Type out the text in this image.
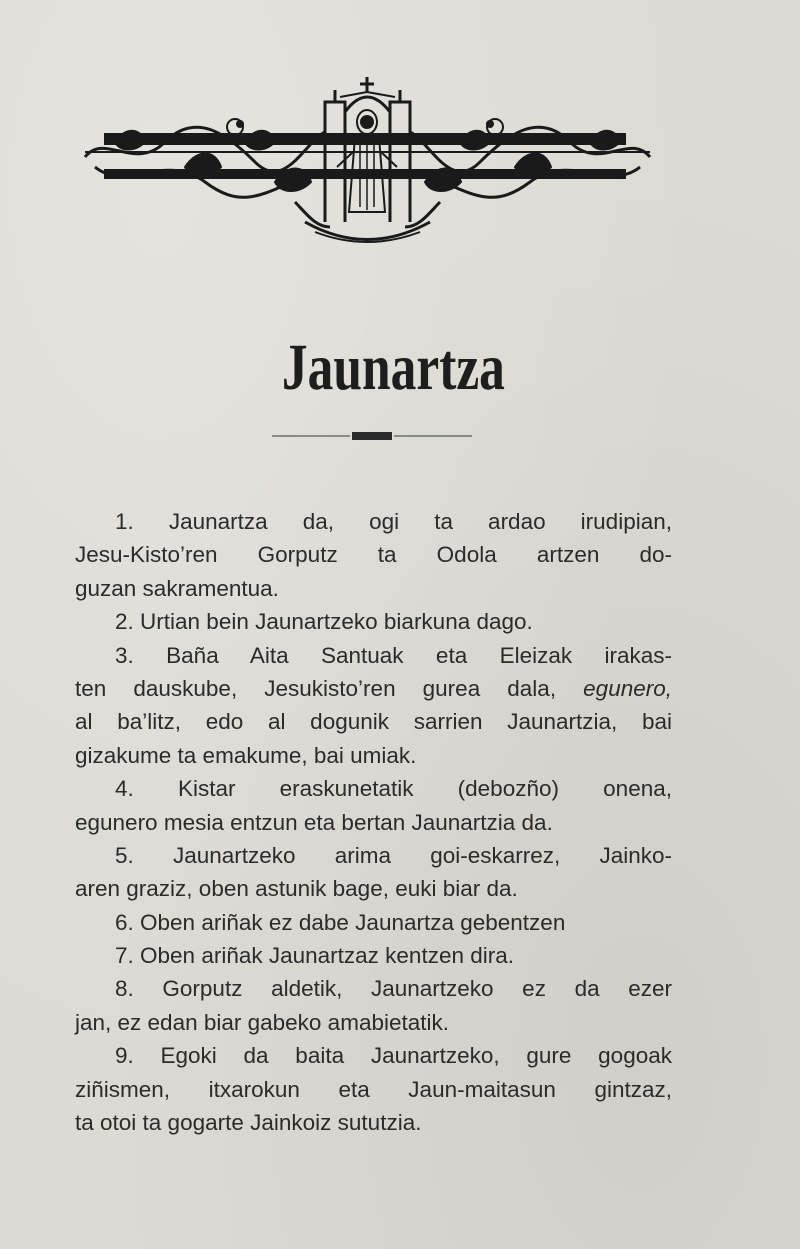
Jaunartza
1. Jaunartza da, ogi ta ardao irudipian,
Jesu-Kisto’ren Gorputz ta Odola artzen do-
guzan sakramentua.
2. Urtian bein Jaunartzeko biarkuna dago.
3. Baña Aita Santuak eta Eleizak irakas-
ten dauskube, Jesukisto’ren gurea dala, egunero,
al ba’litz, edo al dogunik sarrien Jaunartzia, bai
gizakume ta emakume, bai umiak.
4. Kistar eraskunetatik (debozño) onena,
egunero mesia entzun eta bertan Jaunartzia da.
5. Jaunartzeko arima goi-eskarrez, Jainko-
aren graziz, oben astunik bage, euki biar da.
6. Oben ariñak ez dabe Jaunartza gebentzen
7. Oben ariñak Jaunartzaz kentzen dira.
8. Gorputz aldetik, Jaunartzeko ez da ezer
jan, ez edan biar gabeko amabietatik.
9. Egoki da baita Jaunartzeko, gure gogoak
ziñismen, itxarokun eta Jaun-maitasun gintzaz,
ta otoi ta gogarte Jainkoiz sututzia.
